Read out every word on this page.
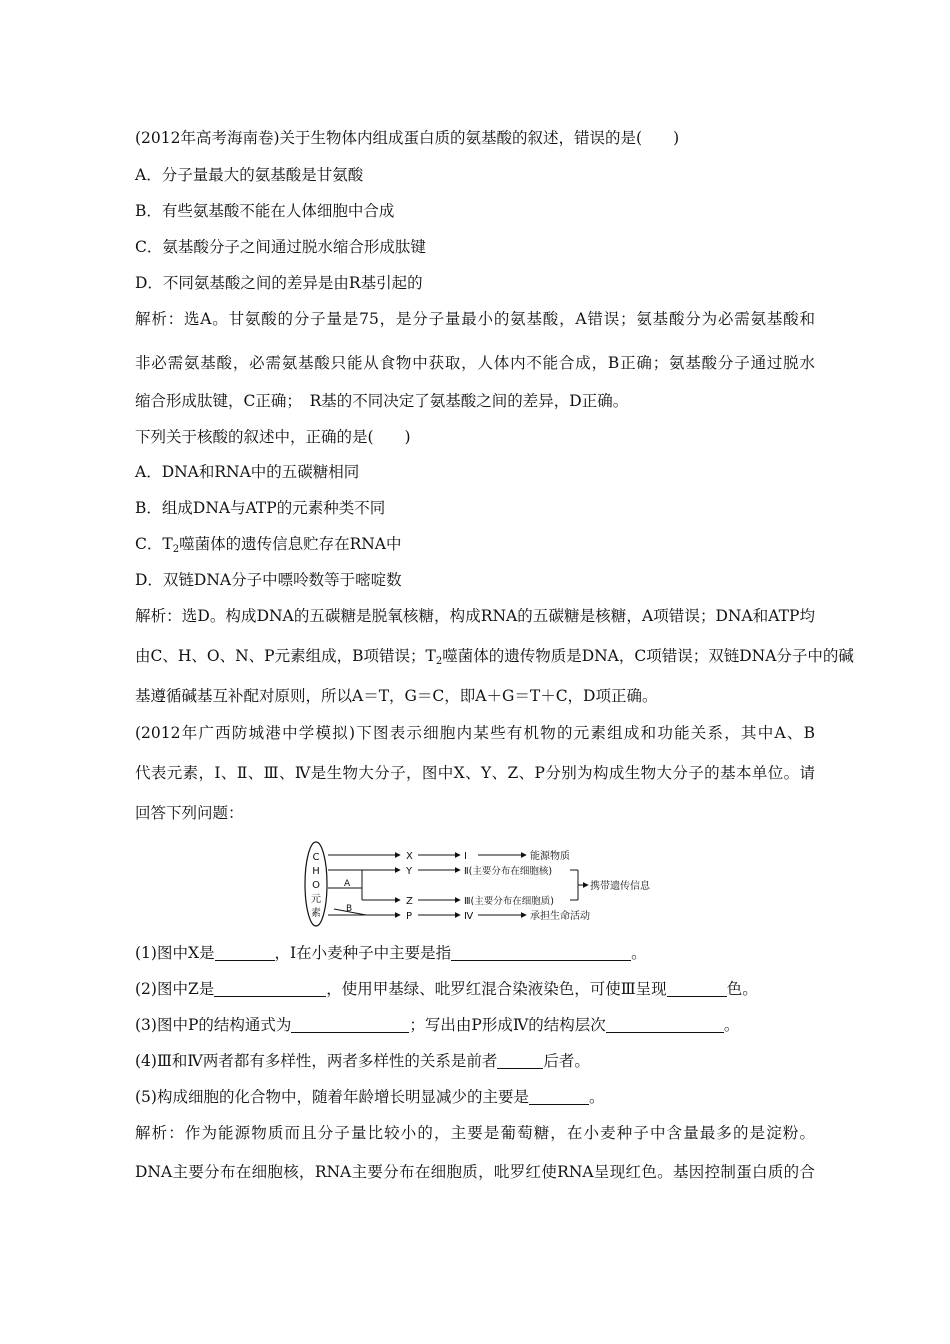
(2012年高考海南卷)关于生物体内组成蛋白质的氨基酸的叙述，错误的是(　　)
A．分子量最大的氨基酸是甘氨酸
B．有些氨基酸不能在人体细胞中合成
C．氨基酸分子之间通过脱水缩合形成肽键
D．不同氨基酸之间的差异是由R基引起的
解析：选A。甘氨酸的分子量是75，是分子量最小的氨基酸，A错误；氨基酸分为必需氨基酸和
非必需氨基酸，必需氨基酸只能从食物中获取，人体内不能合成，B正确；氨基酸分子通过脱水
缩合形成肽键，C正确；　R基的不同决定了氨基酸之间的差异，D正确。
下列关于核酸的叙述中，正确的是(　　)
A．DNA和RNA中的五碳糖相同
B．组成DNA与ATP的元素种类不同
C．$T_2$噬菌体的遗传信息贮存在RNA中
D．双链DNA分子中嘌呤数等于嘧啶数
解析：选D。构成DNA的五碳糖是脱氧核糖，构成RNA的五碳糖是核糖，A项错误；DNA和ATP均
由C、H、O、N、P元素组成，B项错误；$T_2$噬菌体的遗传物质是DNA，C项错误；双链DNA分子中的碱
基遵循碱基互补配对原则，所以A＝T，G＝C，即A＋G＝T＋C，D项正确。
(2012年广西防城港中学模拟)下图表示细胞内某些有机物的元素组成和功能关系，其中A、B
代表元素，Ⅰ、Ⅱ、Ⅲ、Ⅳ是生物大分子，图中X、Y、Z、P分别为构成生物大分子的基本单位。请
回答下列问题：
C
H
O
元
素
A
B
X
Y
Z
P
Ⅰ
Ⅱ(主要分布在细胞核)
Ⅲ(主要分布在细胞质)
Ⅳ
能源物质
携带遗传信息
承担生命活动
(1)图中X是	，Ⅰ在小麦种子中主要是指	。
(2)图中Z是	，使用甲基绿、吡罗红混合染液染色，可使Ⅲ呈现	色。
(3)图中P的结构通式为	；写出由P形成Ⅳ的结构层次	。
(4)Ⅲ和Ⅳ两者都有多样性，两者多样性的关系是前者	后者。
(5)构成细胞的化合物中，随着年龄增长明显减少的主要是	。
解析：作为能源物质而且分子量比较小的，主要是葡萄糖，在小麦种子中含量最多的是淀粉。
DNA主要分布在细胞核，RNA主要分布在细胞质，吡罗红使RNA呈现红色。基因控制蛋白质的合
